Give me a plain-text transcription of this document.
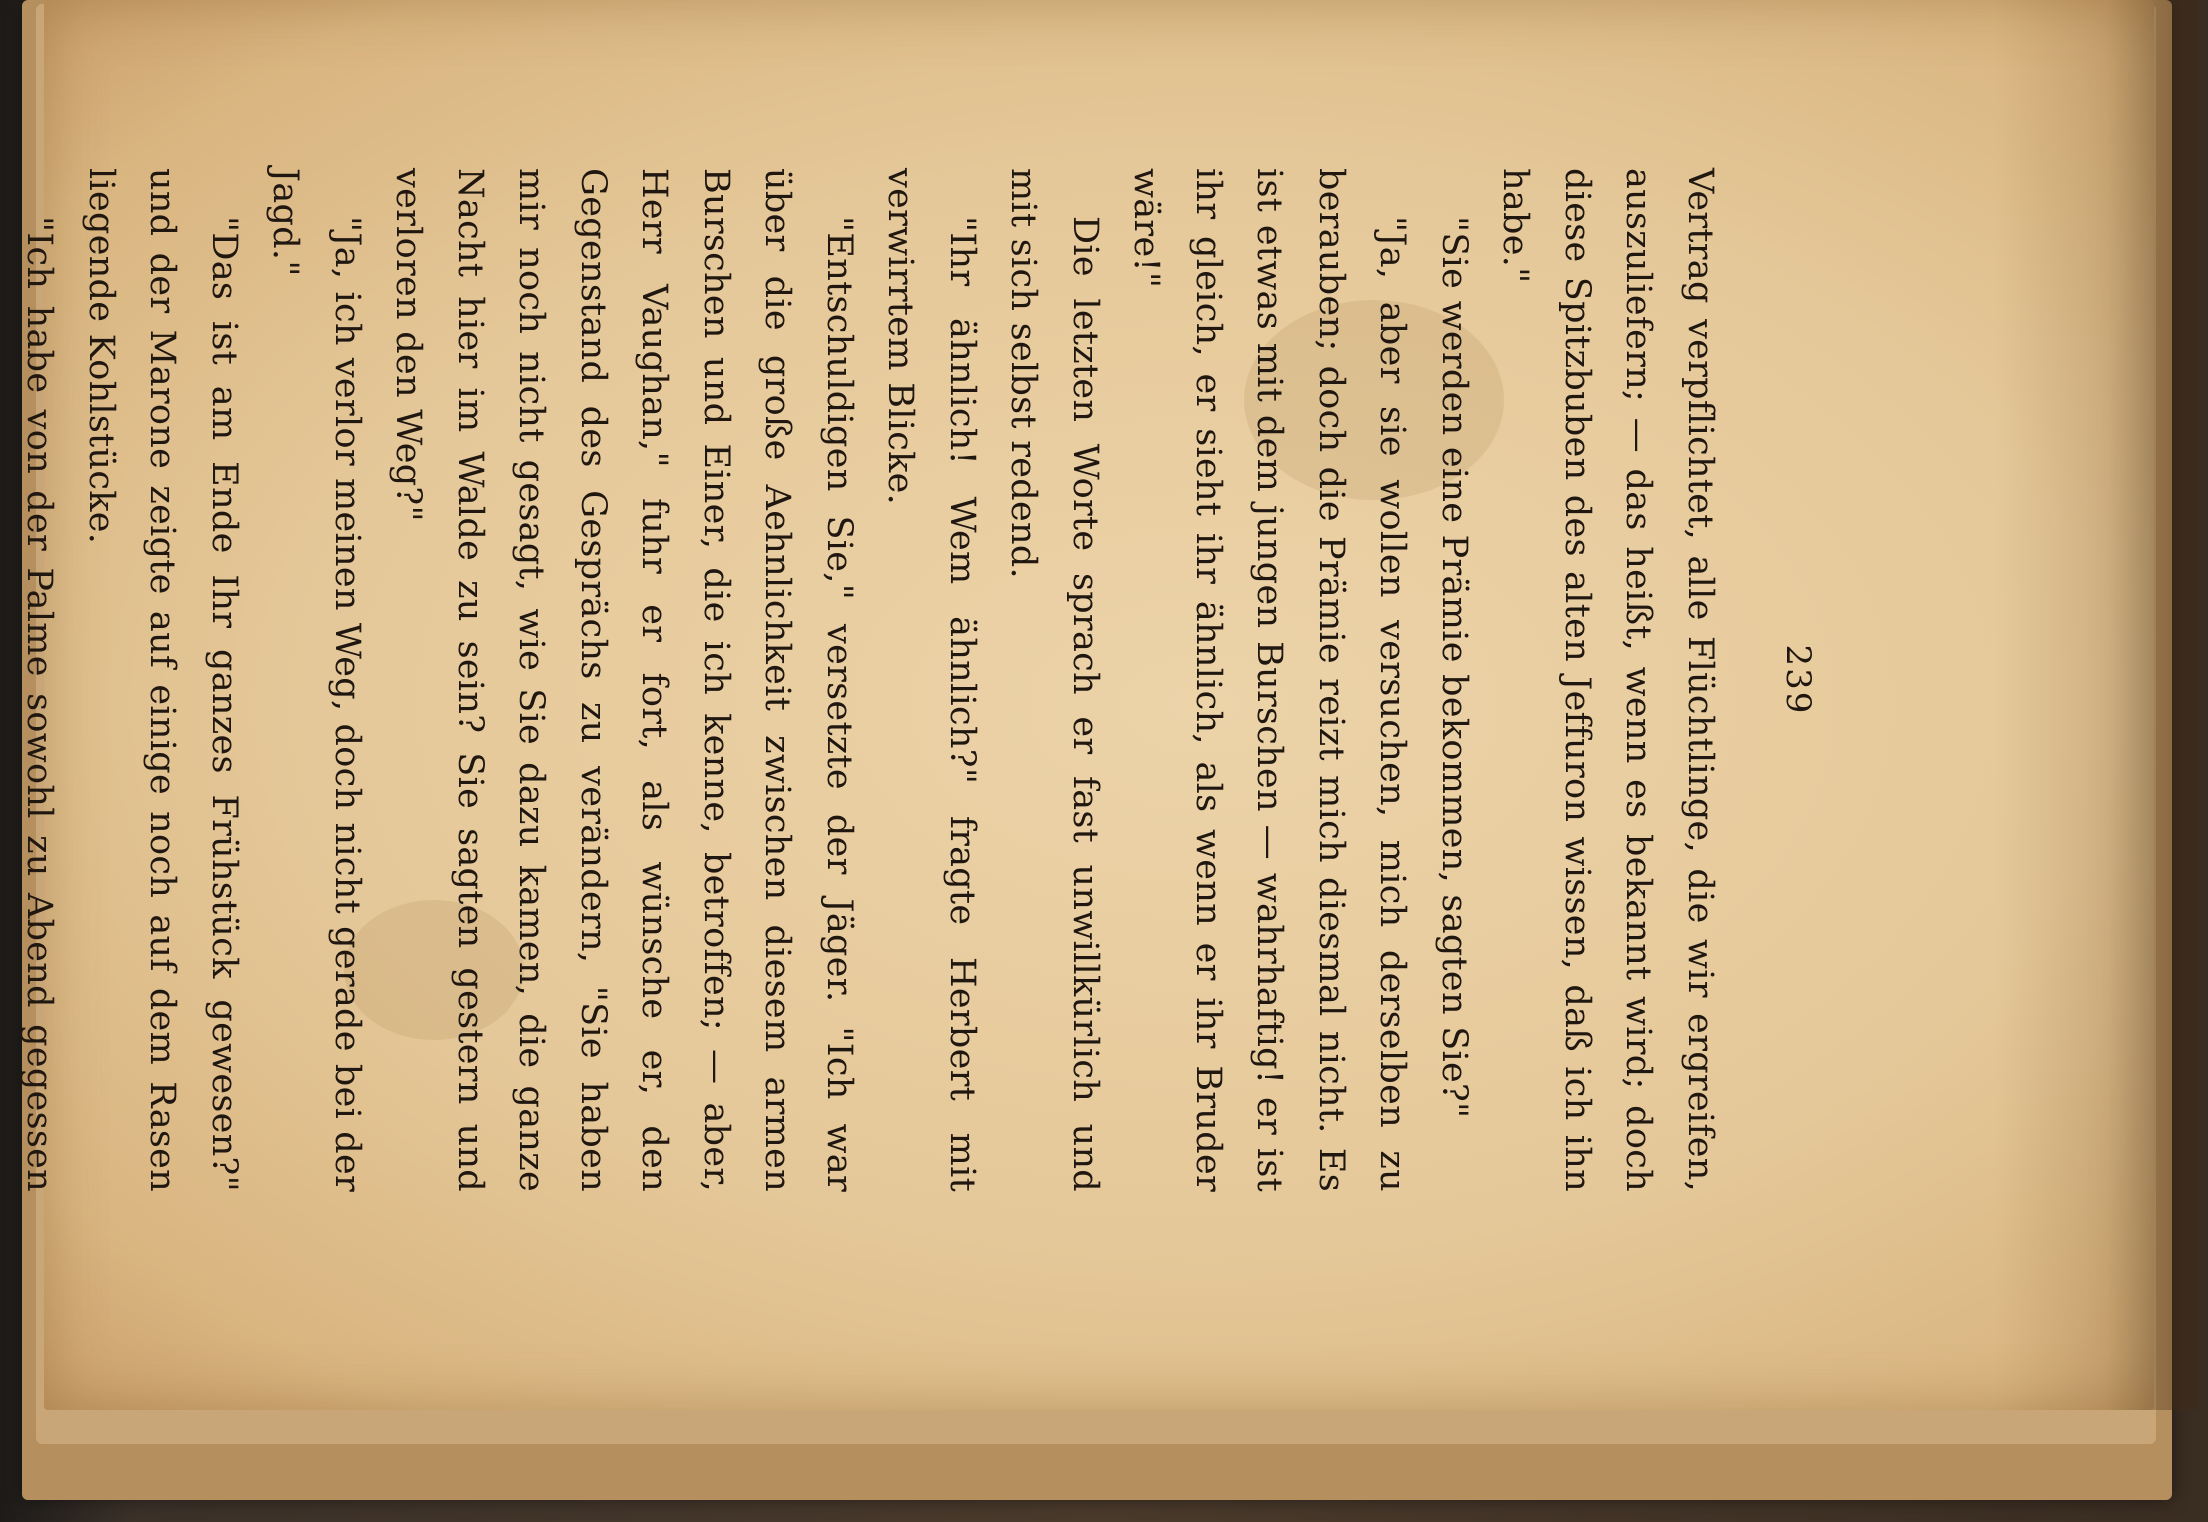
239

Vertrag verpflichtet, alle Flüchtlinge, die wir ergreifen, auszuliefern; — das heißt, wenn es bekannt wird; doch diese Spitzbuben des alten Jeffuron wissen, daß ich ihn habe."

"Sie werden eine Prämie bekommen, sagten Sie?"

"Ja, aber sie wollen versuchen, mich derselben zu berauben; doch die Prämie reizt mich diesmal nicht. Es ist etwas mit dem jungen Burschen — wahrhaftig! er ist ihr gleich, er sieht ihr ähnlich, als wenn er ihr Bruder wäre!"

Die letzten Worte sprach er fast unwillkürlich und mit sich selbst redend.

"Ihr ähnlich! Wem ähnlich?" fragte Herbert mit verwirrtem Blicke.

"Entschuldigen Sie," versetzte der Jäger. "Ich war über die große Aehnlichkeit zwischen diesem armen Burschen und Einer, die ich kenne, betroffen; — aber, Herr Vaughan," fuhr er fort, als wünsche er, den Gegenstand des Gesprächs zu verändern, "Sie haben mir noch nicht gesagt, wie Sie dazu kamen, die ganze Nacht hier im Walde zu sein? Sie sagten gestern und verloren den Weg?"

"Ja, ich verlor meinen Weg, doch nicht gerade bei der Jagd."

"Das ist am Ende Ihr ganzes Frühstück gewesen?" und der Marone zeigte auf einige noch auf dem Rasen liegende Kohlstücke.

"Ich habe von der Palme sowohl zu Abend gegessen
